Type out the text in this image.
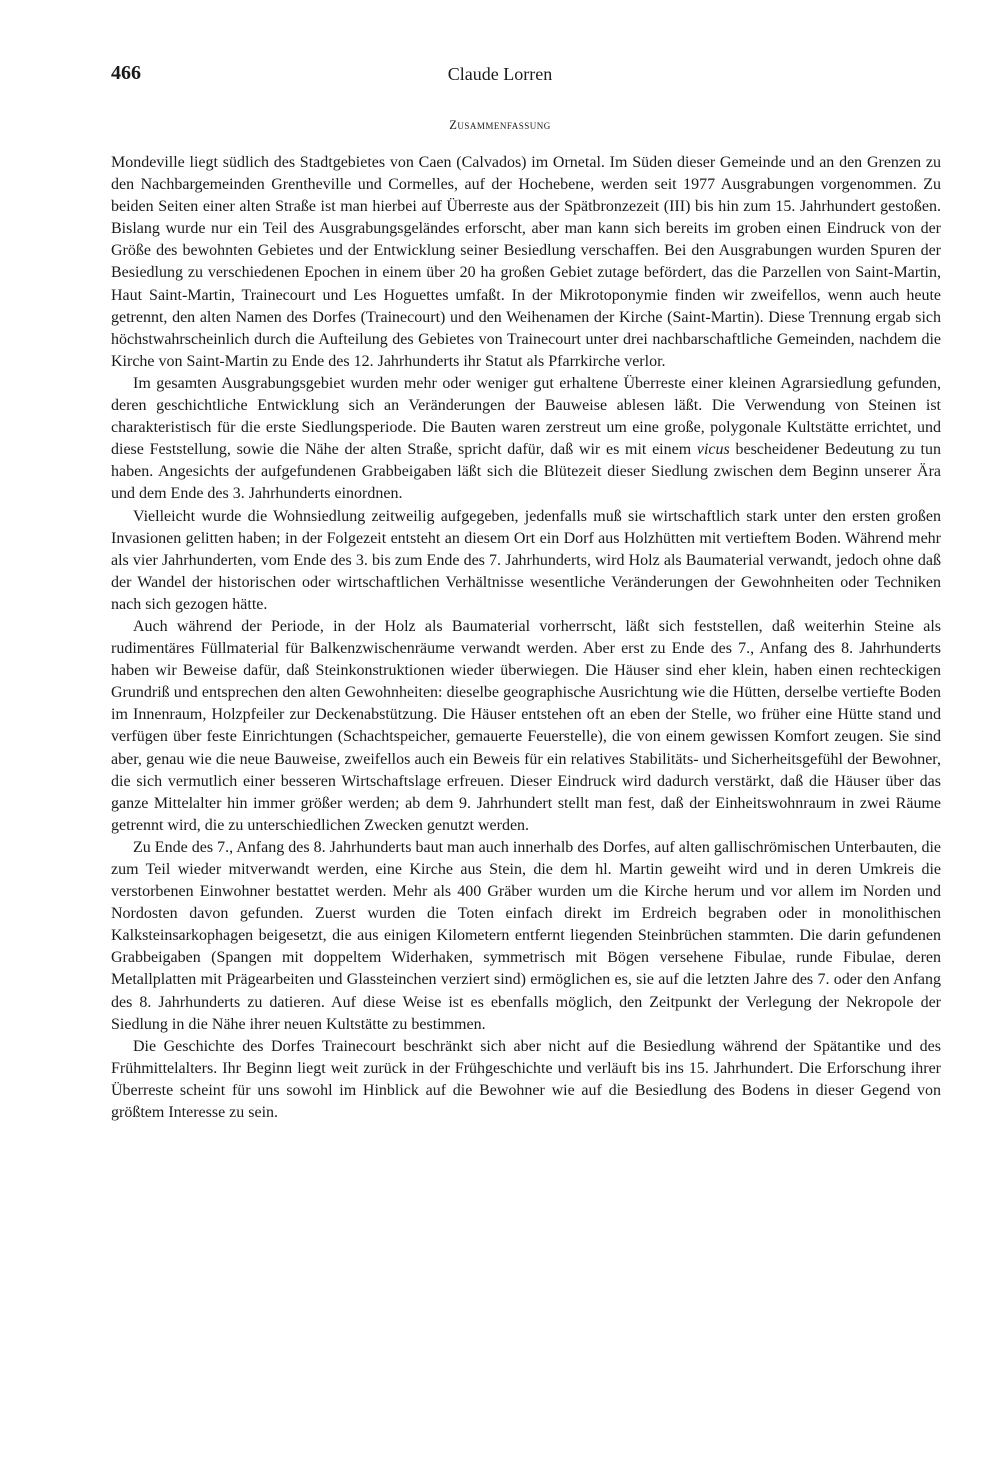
466	Claude Lorren
Zusammenfassung

Mondeville liegt südlich des Stadtgebietes von Caen (Calvados) im Ornetal. Im Süden dieser Gemeinde und an den Grenzen zu den Nachbargemeinden Grentheville und Cormelles, auf der Hochebene, werden seit 1977 Ausgrabungen vorgenommen. Zu beiden Seiten einer alten Straße ist man hierbei auf Überreste aus der Spätbronzezeit (III) bis hin zum 15. Jahrhundert gestoßen. Bislang wurde nur ein Teil des Ausgrabungsgeländes erforscht, aber man kann sich bereits im groben einen Eindruck von der Größe des bewohnten Gebietes und der Entwicklung seiner Besiedlung verschaffen. Bei den Ausgrabungen wurden Spuren der Besiedlung zu verschiedenen Epochen in einem über 20 ha großen Gebiet zutage befördert, das die Parzellen von Saint-Martin, Haut Saint-Martin, Trainecourt und Les Hoguettes umfaßt. In der Mikrotoponymie finden wir zweifellos, wenn auch heute getrennt, den alten Namen des Dorfes (Trainecourt) und den Weihenamen der Kirche (Saint-Martin). Diese Trennung ergab sich höchstwahrscheinlich durch die Aufteilung des Gebietes von Trainecourt unter drei nachbarschaftliche Gemeinden, nachdem die Kirche von Saint-Martin zu Ende des 12. Jahrhunderts ihr Statut als Pfarrkirche verlor.

Im gesamten Ausgrabungsgebiet wurden mehr oder weniger gut erhaltene Überreste einer kleinen Agrarsiedlung gefunden, deren geschichtliche Entwicklung sich an Veränderungen der Bauweise ablesen läßt. Die Verwendung von Steinen ist charakteristisch für die erste Siedlungsperiode. Die Bauten waren zerstreut um eine große, polygonale Kultstätte errichtet, und diese Feststellung, sowie die Nähe der alten Straße, spricht dafür, daß wir es mit einem vicus bescheidener Bedeutung zu tun haben. Angesichts der aufgefundenen Grabbeigaben läßt sich die Blütezeit dieser Siedlung zwischen dem Beginn unserer Ära und dem Ende des 3. Jahrhunderts einordnen.

Vielleicht wurde die Wohnsiedlung zeitweilig aufgegeben, jedenfalls muß sie wirtschaftlich stark unter den ersten großen Invasionen gelitten haben; in der Folgezeit entsteht an diesem Ort ein Dorf aus Holzhütten mit vertieftem Boden. Während mehr als vier Jahrhunderten, vom Ende des 3. bis zum Ende des 7. Jahrhunderts, wird Holz als Baumaterial verwandt, jedoch ohne daß der Wandel der historischen oder wirtschaftlichen Verhältnisse wesentliche Veränderungen der Gewohnheiten oder Techniken nach sich gezogen hätte.

Auch während der Periode, in der Holz als Baumaterial vorherrscht, läßt sich feststellen, daß weiterhin Steine als rudimentäres Füllmaterial für Balkenzwischenräume verwandt werden. Aber erst zu Ende des 7., Anfang des 8. Jahrhunderts haben wir Beweise dafür, daß Steinkonstruktionen wieder überwiegen. Die Häuser sind eher klein, haben einen rechteckigen Grundriß und entsprechen den alten Gewohnheiten: dieselbe geographische Ausrichtung wie die Hütten, derselbe vertiefte Boden im Innenraum, Holzpfeiler zur Deckenabstützung. Die Häuser entstehen oft an eben der Stelle, wo früher eine Hütte stand und verfügen über feste Einrichtungen (Schachtspeicher, gemauerte Feuerstelle), die von einem gewissen Komfort zeugen. Sie sind aber, genau wie die neue Bauweise, zweifellos auch ein Beweis für ein relatives Stabilitäts- und Sicherheitsgefühl der Bewohner, die sich vermutlich einer besseren Wirtschaftslage erfreuen. Dieser Eindruck wird dadurch verstärkt, daß die Häuser über das ganze Mittelalter hin immer größer werden; ab dem 9. Jahrhundert stellt man fest, daß der Einheitswohnraum in zwei Räume getrennt wird, die zu unterschiedlichen Zwecken genutzt werden.

Zu Ende des 7., Anfang des 8. Jahrhunderts baut man auch innerhalb des Dorfes, auf alten gallischrömischen Unterbauten, die zum Teil wieder mitverwandt werden, eine Kirche aus Stein, die dem hl. Martin geweiht wird und in deren Umkreis die verstorbenen Einwohner bestattet werden. Mehr als 400 Gräber wurden um die Kirche herum und vor allem im Norden und Nordosten davon gefunden. Zuerst wurden die Toten einfach direkt im Erdreich begraben oder in monolithischen Kalksteinsarkophagen beigesetzt, die aus einigen Kilometern entfernt liegenden Steinbrüchen stammten. Die darin gefundenen Grabbeigaben (Spangen mit doppeltem Widerhaken, symmetrisch mit Bögen versehene Fibulae, runde Fibulae, deren Metallplatten mit Prägearbeiten und Glassteinchen verziert sind) ermöglichen es, sie auf die letzten Jahre des 7. oder den Anfang des 8. Jahrhunderts zu datieren. Auf diese Weise ist es ebenfalls möglich, den Zeitpunkt der Verlegung der Nekropole der Siedlung in die Nähe ihrer neuen Kultstätte zu bestimmen.

Die Geschichte des Dorfes Trainecourt beschränkt sich aber nicht auf die Besiedlung während der Spätantike und des Frühmittelalters. Ihr Beginn liegt weit zurück in der Frühgeschichte und verläuft bis ins 15. Jahrhundert. Die Erforschung ihrer Überreste scheint für uns sowohl im Hinblick auf die Bewohner wie auf die Besiedlung des Bodens in dieser Gegend von größtem Interesse zu sein.
